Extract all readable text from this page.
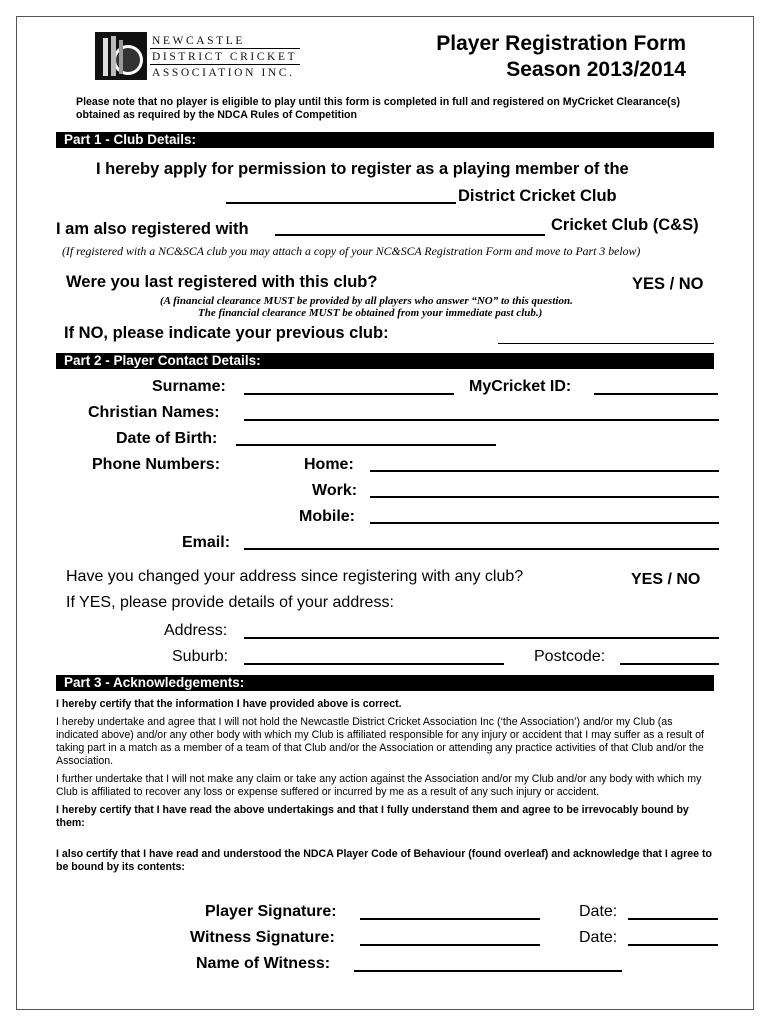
NEWCASTLE
DISTRICT CRICKET
ASSOCIATION INC.
Player Registration Form
Season 2013/2014
Please note that no player is eligible to play until this form is completed in full and registered on MyCricket Clearance(s) obtained as required by the NDCA Rules of Competition
Part 1 - Club Details:
I hereby apply for permission to register as a playing member of the
District Cricket Club
I am also registered with	Cricket Club (C&S)
(If registered with a NC&SCA club you may attach a copy of your NC&SCA Registration Form and move to Part 3 below)
Were you last registered with this club?	YES / NO
(A financial clearance MUST be provided by all players who answer “NO” to this question.
The financial clearance MUST be obtained from your immediate past club.)
If NO, please indicate your previous club:
Part 2 - Player Contact Details:
Surname:	MyCricket ID:
Christian Names:
Date of Birth:
Phone Numbers:	Home:
Work:
Mobile:
Email:
Have you changed your address since registering with any club?	YES / NO
If YES, please provide details of your address:
Address:
Suburb:	Postcode:
Part 3 - Acknowledgements:
I hereby certify that the information I have provided above is correct.
I hereby undertake and agree that I will not hold the Newcastle District Cricket Association Inc (‘the Association’) and/or my Club (as indicated above) and/or any other body with which my Club is affiliated responsible for any injury or accident that I may suffer as a result of taking part in a match as a member of a team of that Club and/or the Association or attending any practice activities of that Club and/or the Association.
I further undertake that I will not make any claim or take any action against the Association and/or my Club and/or any body with which my Club is affiliated to recover any loss or expense suffered or incurred by me as a result of any such injury or accident.
I hereby certify that I have read the above undertakings and that I fully understand them and agree to be irrevocably bound by them:
I also certify that I have read and understood the NDCA Player Code of Behaviour (found overleaf) and acknowledge that I agree to be bound by its contents:
Player Signature:	Date:
Witness Signature:	Date:
Name of Witness:
